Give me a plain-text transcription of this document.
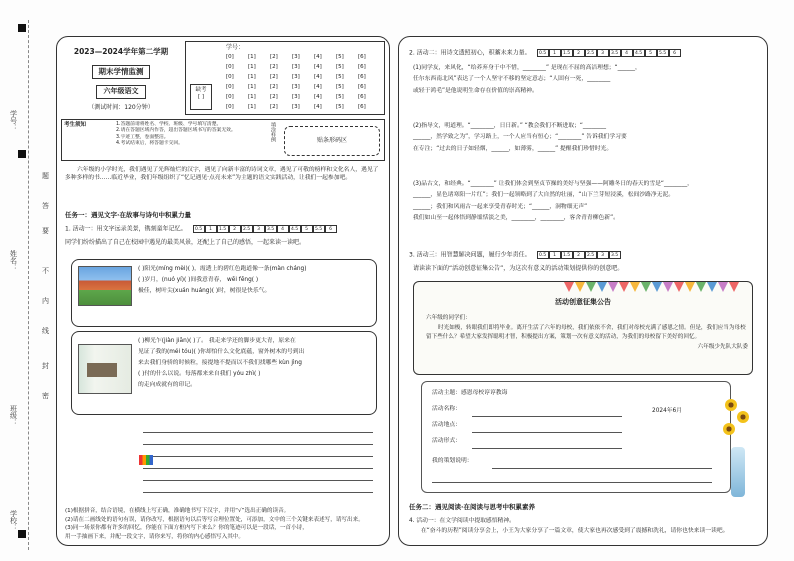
学号：
姓名：
班级：
学校：
题
答
要
不
内
线
封
密
2023—2024学年第二学期
期末学情监测
六年级语文
（测试时间：120分钟）
学号：
缺考
[ ]
[0]	[1]	[2]	[3]	[4]	[5]	[6]
[0]	[1]	[2]	[3]	[4]	[5]	[6]
[0]	[1]	[2]	[3]	[4]	[5]	[6]
[0]	[1]	[2]	[3]	[4]	[5]	[6]
[0]	[1]	[2]	[3]	[4]	[5]	[6]
[0]	[1]	[2]	[3]	[4]	[5]	[6]
考生须知	1.答题前请将姓名、学校、班级、学号填写清楚。
2.请在答题区域内作答，超出答题区域书写的答案无效。
3.字迹工整，卷面整洁。
4.考试结束后，将答题卡交回。
填涂样例	贴条形码区
六年级的小学时光，我们遇见了光辉灿烂的汉字，遇见了向新丰富的诗词文章，遇见了可敬的榜样和文化名人，遇见了多种多样的书……临近毕业，我们年级组织了“忆记遇见·点亮未来”为主题的语文实践活动，让我们一起参加吧。
任务一：遇见文字·在故事与诗句中积累力量
1. 活动一：用文字远录美景，镌刻童年记忆。	0.5	1	1.5	2	2.5	3	3.5	4	4.5	5	5.5	6
同学们纷纷描出了自己在校园中遇见的最美风景，还配上了自己的感悟，一起来读一读吧。
( )阳光(míng mèi)( )，霞透上的碧红色跑道像一条(màn cháng)
( )岁月，(nuó yí)( )间我意青春， wēi fēng( )
极佳，树叶尖(xuán huáng)( )时，树很是快乐气。
( )柳光乍(jiàn jiān)( )了。 我走来学还的脚步更大青，原来在
见证了我的(méi tóu)( )你却怕什么文化底蕴，窗外树木的号到出
来去我们身骄的时候粒，接提地不提而以不我们找哪些 kùn jìng
( )付的什么以说。每落都来来自我们 yóu zhì( )
的走向成就有的印记。
(1)根据拼音，结合语境，在横线上写正确，准确地书写下汉字，并用“√”选出正确的读音。
(2)请在二画线处的语句有误，请你改写，根据语句以后等写合理位置处，可添加，文中的三个关键来表述写，请写出来。
(3)同一场景你都有许多的回忆，你能在下面方框内写下来么？你的笔迹可以是一段话，一首小诗，
用一手抽画下来，并配一段文字，请你来写，将你的内心感悟写入其中。
2. 活动二：用诗文透照初心，积蓄未来力量。	0.5	1	1.5	2	2.5	3	3.5	4	4.5	5	5.5	6
(1)同学友，来风化，“给养弃身于中不惜，________” 是现在不屈的高洁理想；“______，
任尔东西南北风”表达了一个人坚守不移的坚定意志；“人固有一死，________
或轻于鸿毛”是他说明生命存在价值的崇高精神。
(2)指导文，明道理。“________，日日新。” “教会我们不断进取；“________
______，然学致之为”，学习路上，一个人应当有恒心；“________” 告诉我们学习要
在专注；“过去的日子如轻烟，______，如薄雾，______” 提醒我们珍惜时光。
(3)品古文，和经典。“________” 让我们体会到坚贞节操的美好与坚强——阿雕冬日的春天的雪是“________，
______，显色诸寒阳一片红”；我们一起领略到了大自然的壮丽，“山下兰芽短浸溪，松间沙路净无泥。
______；我们和风雨古一起来享受青春时光；“______，洞物细无声”
我们如山至一起体悟到静谧恬淡之美，________，________，客舍青青柳色新”。
3. 活动三：用智慧解决问题，履行少年责任。	0.5	1	1.5	2	2.5	3	3.5
请读读下面的“活动创意征集公告”，为这次有意义的活动策划提供你的创意吧。
活动创意征集公告
六年级的同学们：
时光如梭，转眼我们即将毕业。离开生活了六年的母校，我们依依不舍，我们对母校充满了感恩之情。但是，我们应当为母校留下些什么？希望大家发挥聪明才智，积极提出方案，策划一次有意义的活动，为我们的母校留下美好的回忆。
六年级少先队大队委
活动主题：感恩母校谆谆教诲
活动名称：
活动地点：
活动形式：
我的策划说明：
2024年6月
任务二：遇见阅读·在阅读与思考中积累素养
4. 活动一：在文学阅读中提取感悟精神。
在“奋斗的历程”阅读分享会上，小王为大家分享了一篇文章，使大家也再次感受到了震撼和洗礼，请你也快来读一读吧。
